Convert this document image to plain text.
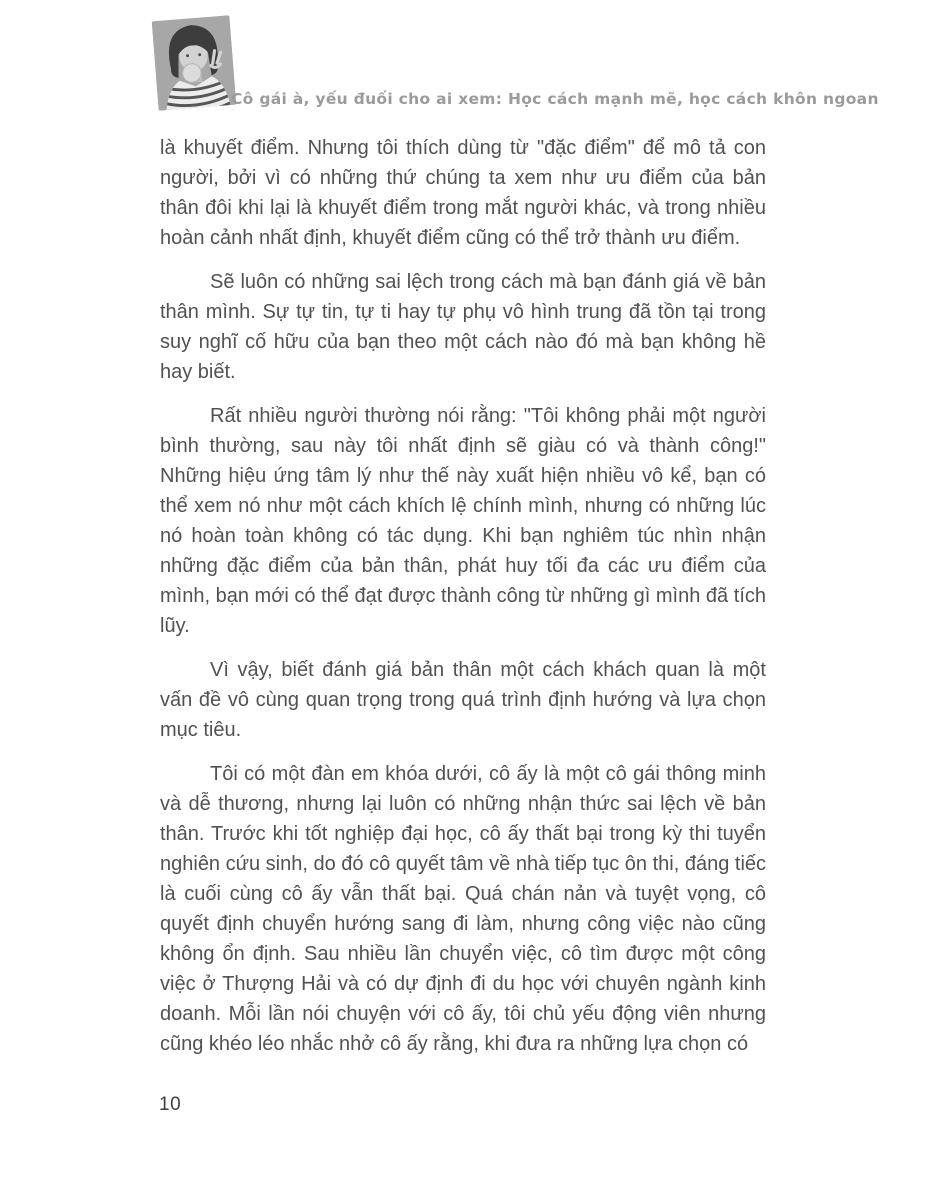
Cô gái à, yếu đuối cho ai xem: Học cách mạnh mẽ, học cách khôn ngoan

là khuyết điểm. Nhưng tôi thích dùng từ "đặc điểm" để mô tả con người, bởi vì có những thứ chúng ta xem như ưu điểm của bản thân đôi khi lại là khuyết điểm trong mắt người khác, và trong nhiều hoàn cảnh nhất định, khuyết điểm cũng có thể trở thành ưu điểm.

Sẽ luôn có những sai lệch trong cách mà bạn đánh giá về bản thân mình. Sự tự tin, tự ti hay tự phụ vô hình trung đã tồn tại trong suy nghĩ cố hữu của bạn theo một cách nào đó mà bạn không hề hay biết.

Rất nhiều người thường nói rằng: "Tôi không phải một người bình thường, sau này tôi nhất định sẽ giàu có và thành công!" Những hiệu ứng tâm lý như thế này xuất hiện nhiều vô kể, bạn có thể xem nó như một cách khích lệ chính mình, nhưng có những lúc nó hoàn toàn không có tác dụng. Khi bạn nghiêm túc nhìn nhận những đặc điểm của bản thân, phát huy tối đa các ưu điểm của mình, bạn mới có thể đạt được thành công từ những gì mình đã tích lũy.

Vì vậy, biết đánh giá bản thân một cách khách quan là một vấn đề vô cùng quan trọng trong quá trình định hướng và lựa chọn mục tiêu.

Tôi có một đàn em khóa dưới, cô ấy là một cô gái thông minh và dễ thương, nhưng lại luôn có những nhận thức sai lệch về bản thân. Trước khi tốt nghiệp đại học, cô ấy thất bại trong kỳ thi tuyển nghiên cứu sinh, do đó cô quyết tâm về nhà tiếp tục ôn thi, đáng tiếc là cuối cùng cô ấy vẫn thất bại. Quá chán nản và tuyệt vọng, cô quyết định chuyển hướng sang đi làm, nhưng công việc nào cũng không ổn định. Sau nhiều lần chuyển việc, cô tìm được một công việc ở Thượng Hải và có dự định đi du học với chuyên ngành kinh doanh. Mỗi lần nói chuyện với cô ấy, tôi chủ yếu động viên nhưng cũng khéo léo nhắc nhở cô ấy rằng, khi đưa ra những lựa chọn có

10
